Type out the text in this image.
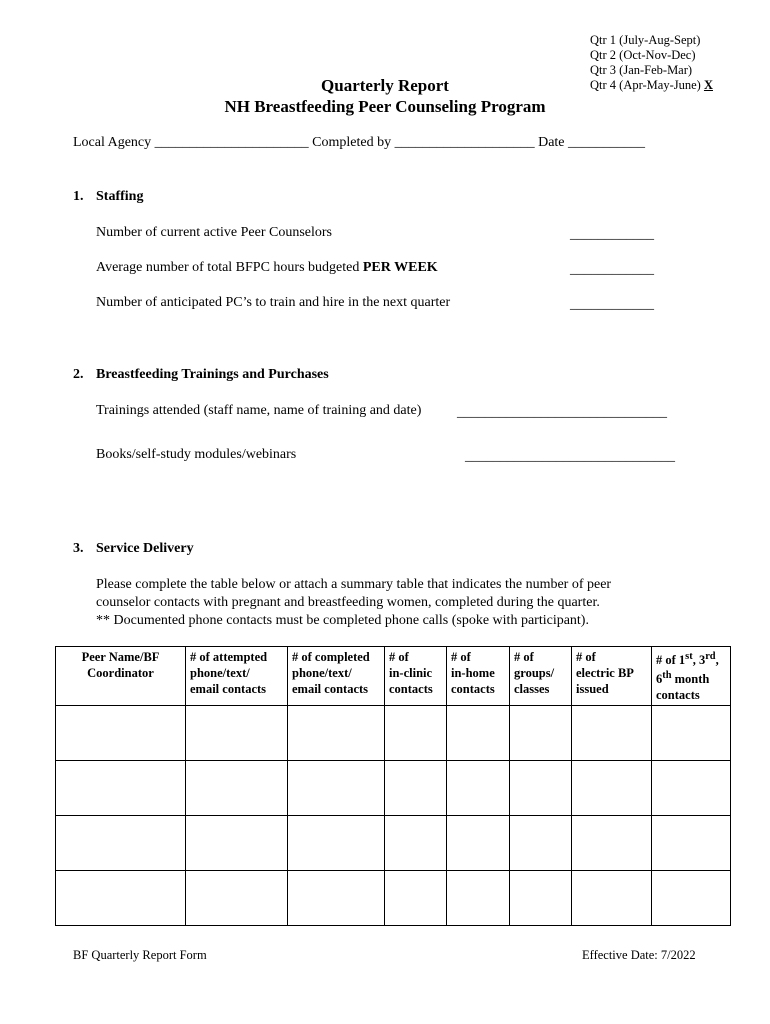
Qtr 1 (July-Aug-Sept)
Qtr 2 (Oct-Nov-Dec)
Qtr 3 (Jan-Feb-Mar)
Qtr 4 (Apr-May-June) X
Quarterly Report
NH Breastfeeding Peer Counseling Program
Local Agency ______________________ Completed by ____________________ Date ___________
1. Staffing
Number of current active Peer Counselors	____________
Average number of total BFPC hours budgeted PER WEEK	____________
Number of anticipated PC’s to train and hire in the next quarter	____________
2. Breastfeeding Trainings and Purchases
Trainings attended (staff name, name of training and date)	______________________________
Books/self-study modules/webinars	______________________________
3. Service Delivery
Please complete the table below or attach a summary table that indicates the number of peer
counselor contacts with pregnant and breastfeeding women, completed during the quarter.
** Documented phone contacts must be completed phone calls (spoke with participant).
Peer Name/BF
Coordinator	# of attempted
phone/text/
email contacts	# of completed
phone/text/
email contacts	# of
in-clinic
contacts	# of
in-home
contacts	# of
groups/
classes	# of
electric BP
issued	# of 1st, 3rd,
6th month
contacts

BF Quarterly Report Form	Effective Date: 7/2022
